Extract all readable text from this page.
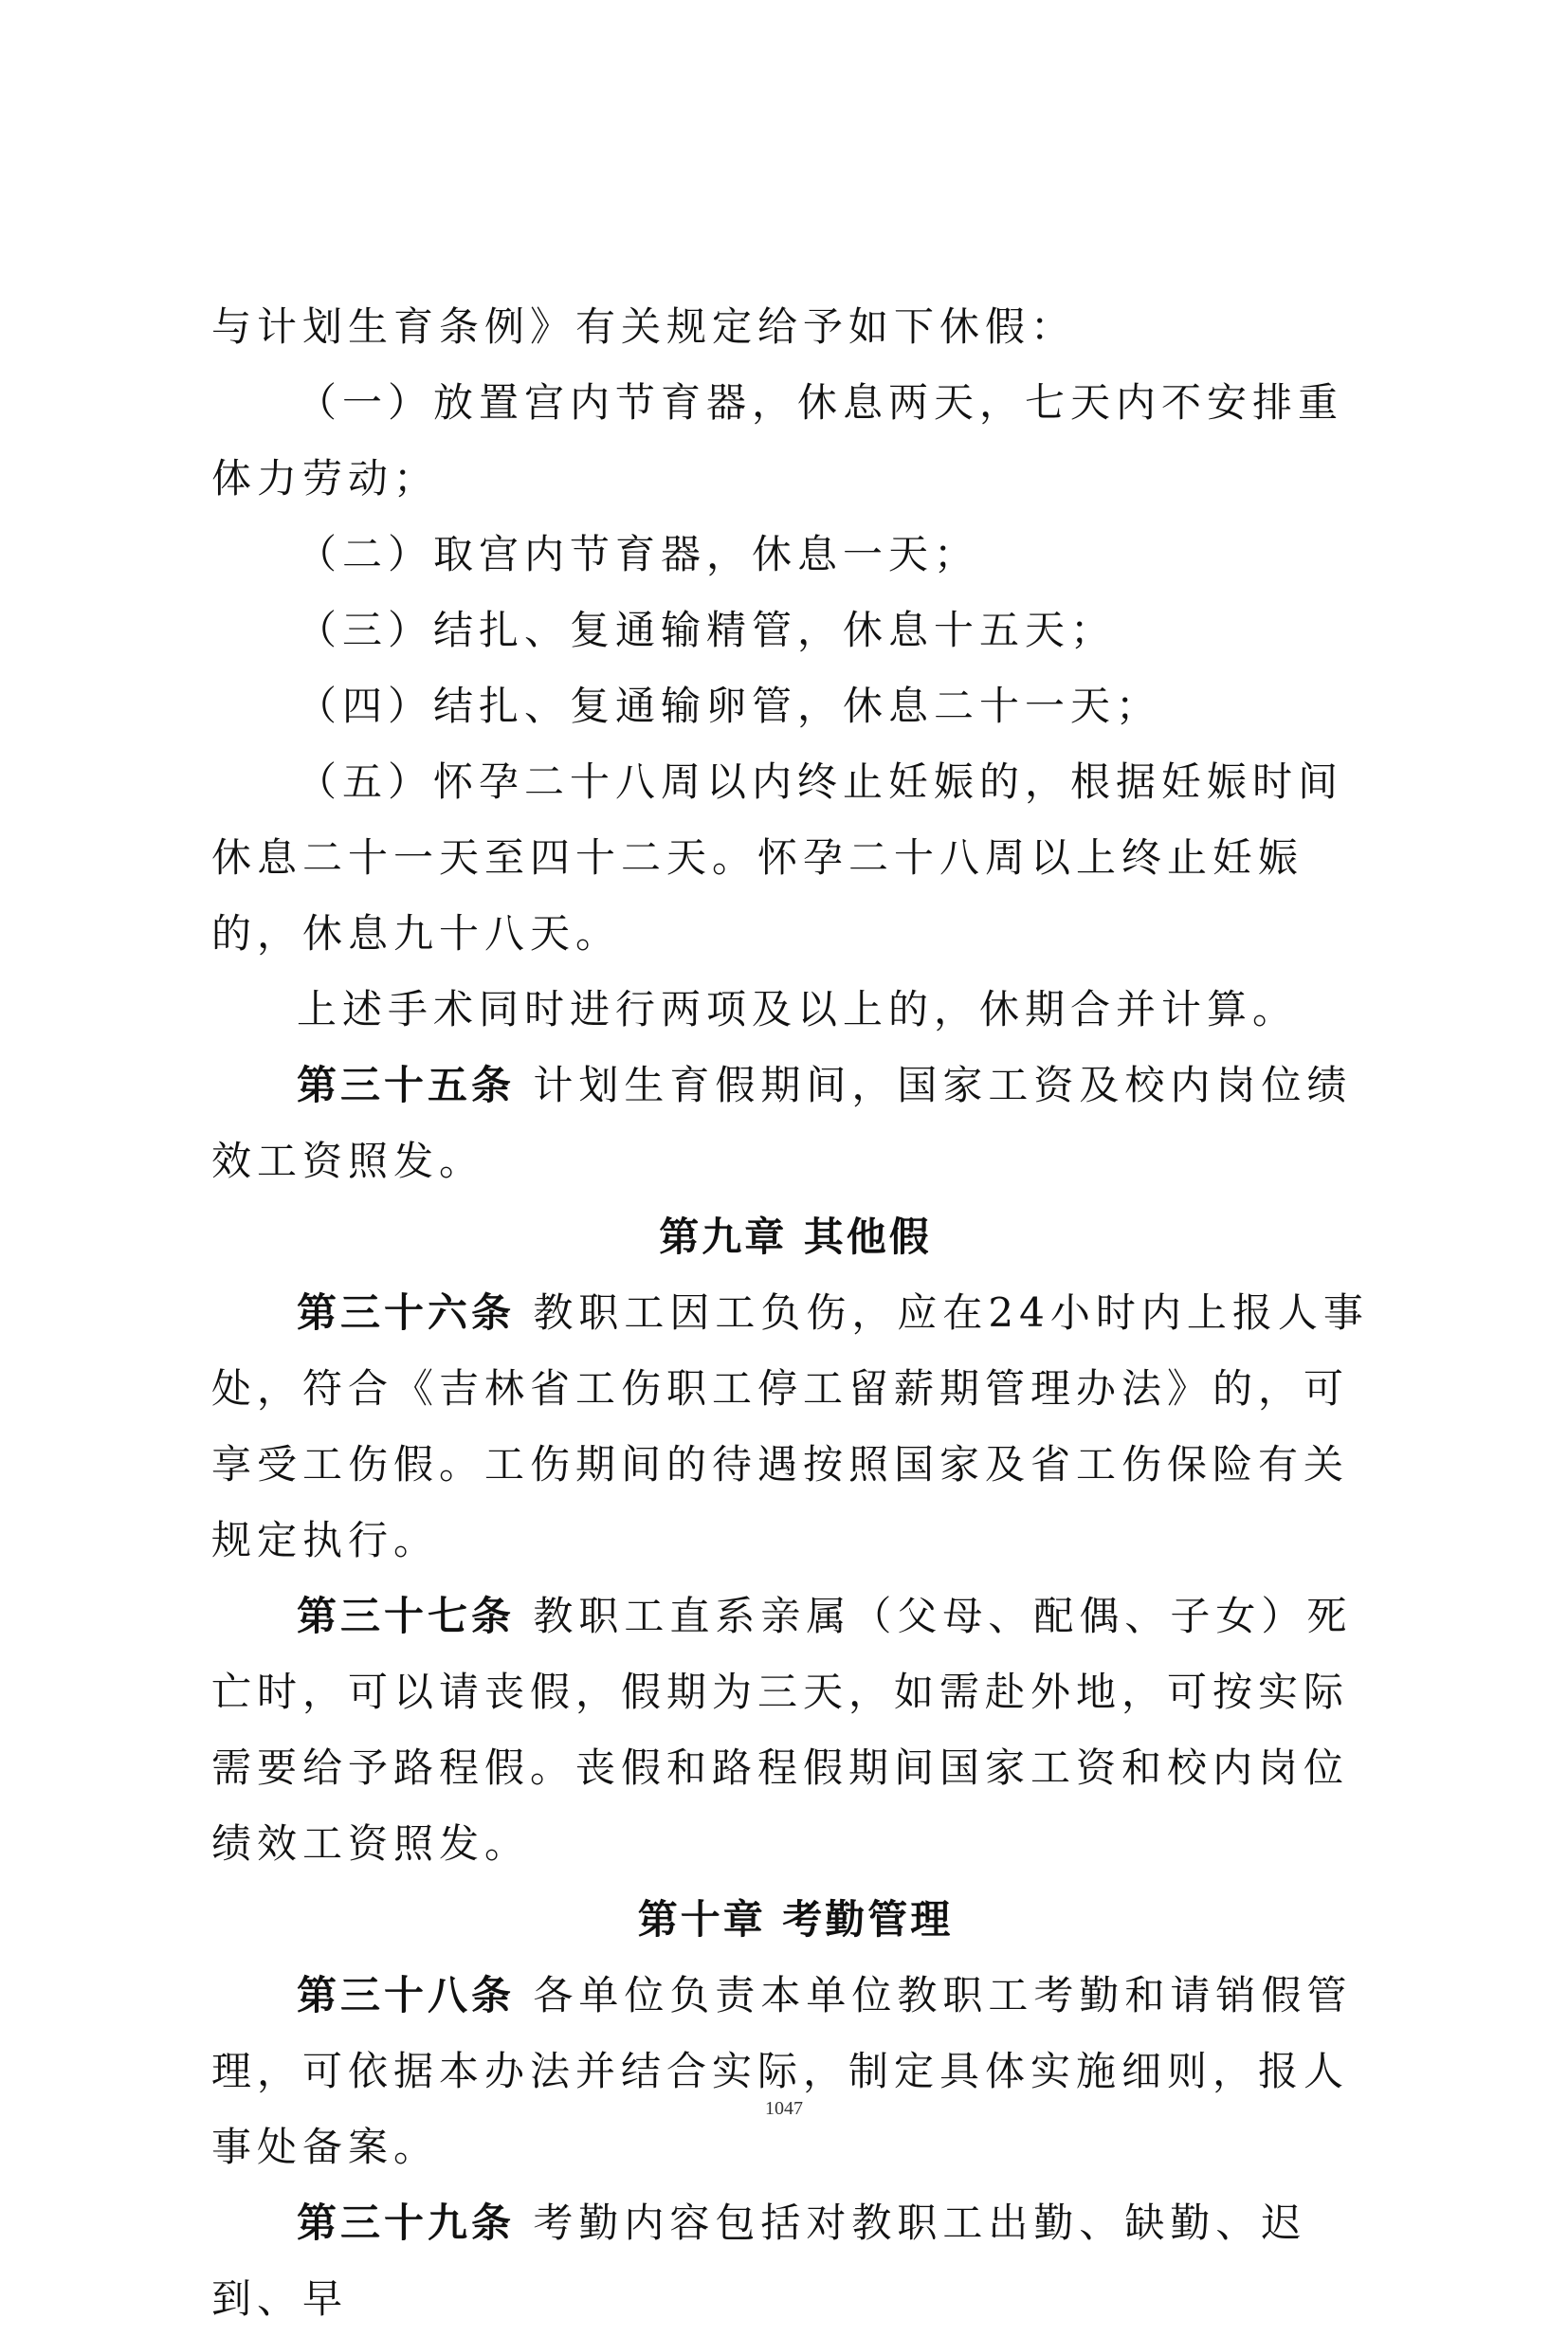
与计划生育条例》有关规定给予如下休假：

（一）放置宫内节育器，休息两天，七天内不安排重体力劳动；

（二）取宫内节育器，休息一天；

（三）结扎、复通输精管，休息十五天；

（四）结扎、复通输卵管，休息二十一天；

（五）怀孕二十八周以内终止妊娠的，根据妊娠时间休息二十一天至四十二天。怀孕二十八周以上终止妊娠的，休息九十八天。

上述手术同时进行两项及以上的，休期合并计算。

第三十五条 计划生育假期间，国家工资及校内岗位绩效工资照发。

第九章 其他假

第三十六条 教职工因工负伤，应在24小时内上报人事处，符合《吉林省工伤职工停工留薪期管理办法》的，可享受工伤假。工伤期间的待遇按照国家及省工伤保险有关规定执行。

第三十七条 教职工直系亲属（父母、配偶、子女）死亡时，可以请丧假，假期为三天，如需赴外地，可按实际需要给予路程假。丧假和路程假期间国家工资和校内岗位绩效工资照发。

第十章 考勤管理

第三十八条 各单位负责本单位教职工考勤和请销假管理，可依据本办法并结合实际，制定具体实施细则，报人事处备案。

第三十九条 考勤内容包括对教职工出勤、缺勤、迟到、早

1047
